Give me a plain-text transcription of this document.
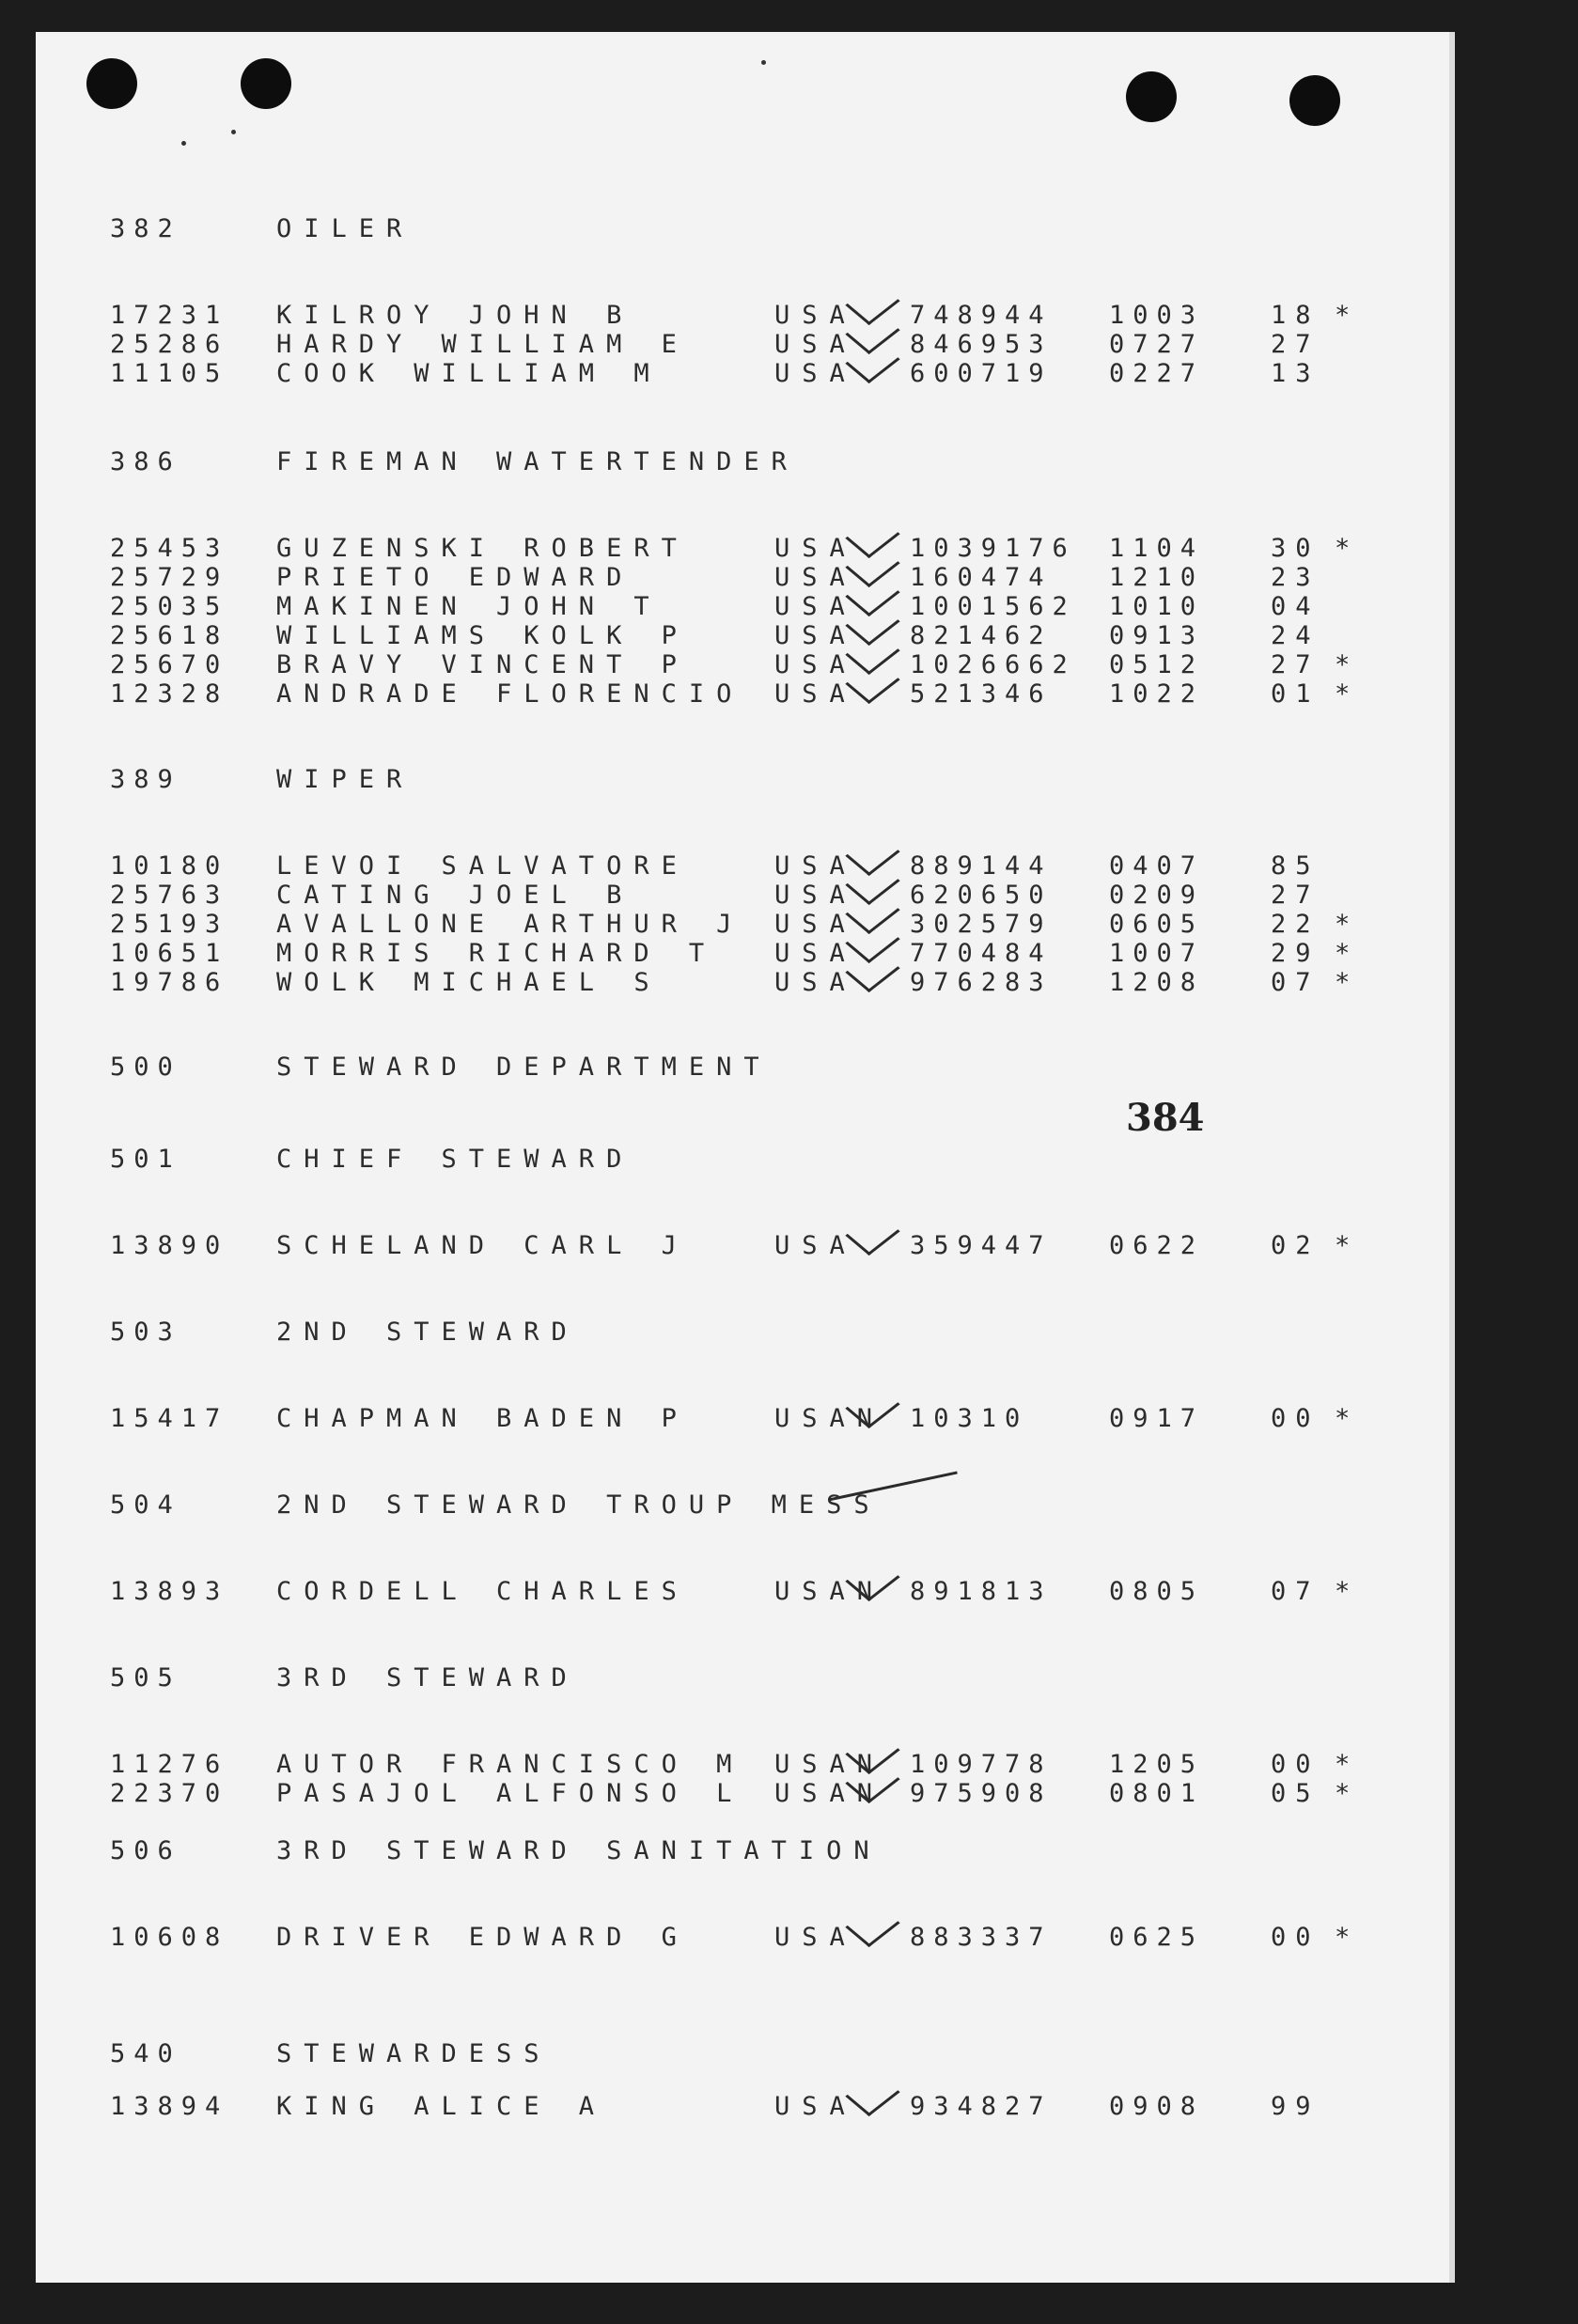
382	OILER
17231 KILROY JOHN B	USA 748944 1003	18 *
25286 HARDY WILLIAM E	USA 846953 0727	27
11105 COOK WILLIAM M	USA 600719 0227	13
386	FIREMAN WATERTENDER
25453 GUZENSKI ROBERT	USA 1039176 1104	30 *
25729 PRIETO EDWARD	USA 160474 1210	23
25035 MAKINEN JOHN T	USA 1001562 1010	04
25618 WILLIAMS KOLK P	USA 821462 0913	24
25670 BRAVY VINCENT P	USA 1026662 0512	27 *
12328 ANDRADE FLORENCIO USA 521346 1022	01 *
389	WIPER
10180 LEVOI SALVATORE	USA 889144 0407	85
25763 CATING JOEL B	USA 620650 0209	27
25193 AVALLONE ARTHUR J USA 302579 0605	22 *
10651 MORRIS RICHARD T USA 770484 1007	29 *
19786 WOLK MICHAEL S	USA 976283 1208	07 *
500	STEWARD DEPARTMENT
501	CHIEF STEWARD
13890 SCHELAND CARL J	USA 359447 0622	02 *
503	2ND STEWARD
15417 CHAPMAN BADEN P	USAN 10310	0917	00 *
504	2ND STEWARD TROUP MESS
13893 CORDELL CHARLES	USAN 891813 0805	07 *
505	3RD STEWARD
11276 AUTOR FRANCISCO M USAN 109778 1205	00 *
22370 PASAJOL ALFONSO L USAN 975908 0801	05 *
506	3RD STEWARD SANITATION
10608 DRIVER EDWARD G	USA 883337 0625	00 *
540	STEWARDESS
13894 KING ALICE A	USA 934827 0908	99
384
